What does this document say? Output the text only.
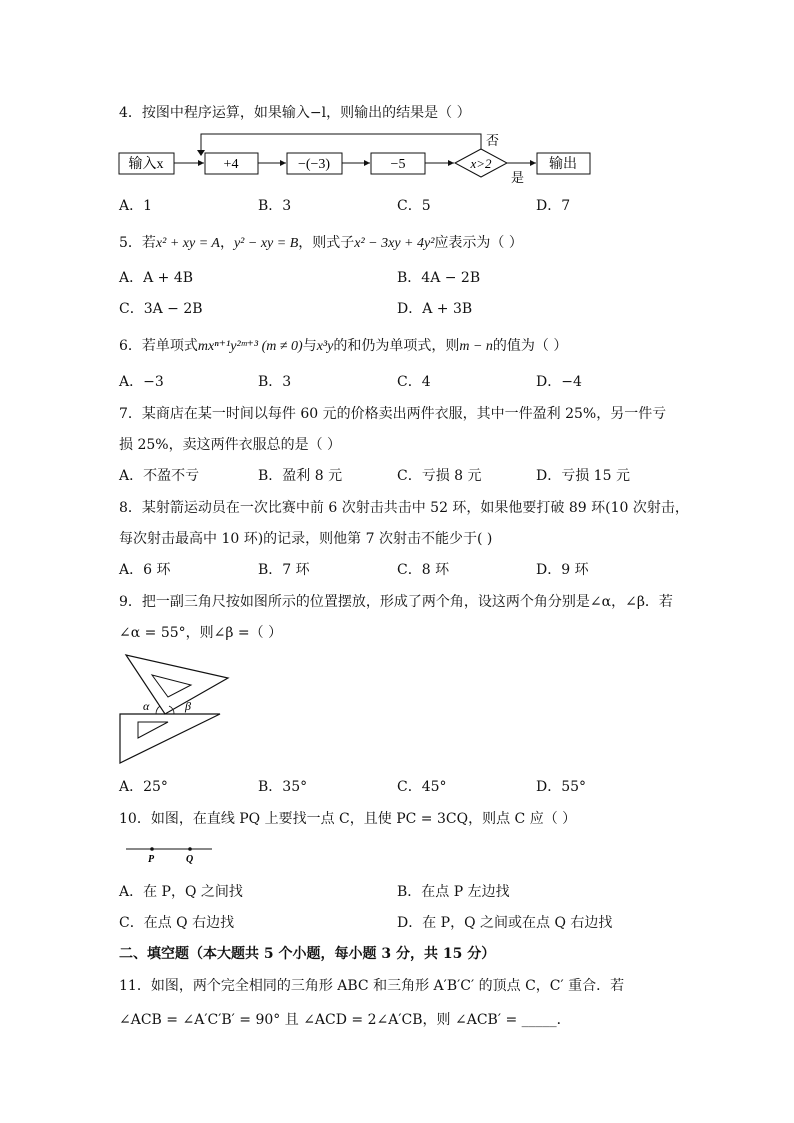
4．按图中程序运算，如果输入−l，则输出的结果是（ ）
输入x	+4	−(−3)	−5	x>2
否
是
输出
A．1	B．3	C．5	D．7
5．若x² + xy = A，y² − xy = B，则式子x² − 3xy + 4y²应表示为（ ）
A．A + 4B	B．4A − 2B
C．3A − 2B	D．A + 3B
6．若单项式mxⁿ⁺¹y²ᵐ⁺³ (m ≠ 0)与x³y的和仍为单项式，则m − n的值为（ ）
A．−3	B．3	C．4	D．−4
7．某商店在某一时间以每件 60 元的价格卖出两件衣服，其中一件盈利 25%，另一件亏
损 25%，卖这两件衣服总的是（ ）
A．不盈不亏	B．盈利 8 元	C．亏损 8 元	D．亏损 15 元
8．某射箭运动员在一次比赛中前 6 次射击共击中 52 环，如果他要打破 89 环(10 次射击，
每次射击最高中 10 环)的记录，则他第 7 次射击不能少于( )
A．6 环	B．7 环	C．8 环	D．9 环
9．把一副三角尺按如图所示的位置摆放，形成了两个角，设这两个角分别是∠α，∠β．若
∠α = 55°，则∠β =（ ）
α	β
A．25°	B．35°	C．45°	D．55°
10．如图，在直线 PQ 上要找一点 C，且使 PC = 3CQ，则点 C 应（ ）
P	Q
A．在 P，Q 之间找	B．在点 P 左边找
C．在点 Q 右边找	D．在 P，Q 之间或在点 Q 右边找
二、填空题（本大题共 5 个小题，每小题 3 分，共 15 分）
11．如图，两个完全相同的三角形 ABC 和三角形 A′B′C′ 的顶点 C，C′ 重合．若
∠ACB = ∠A′C′B′ = 90° 且 ∠ACD = 2∠A′CB，则 ∠ACB′ = _____．
